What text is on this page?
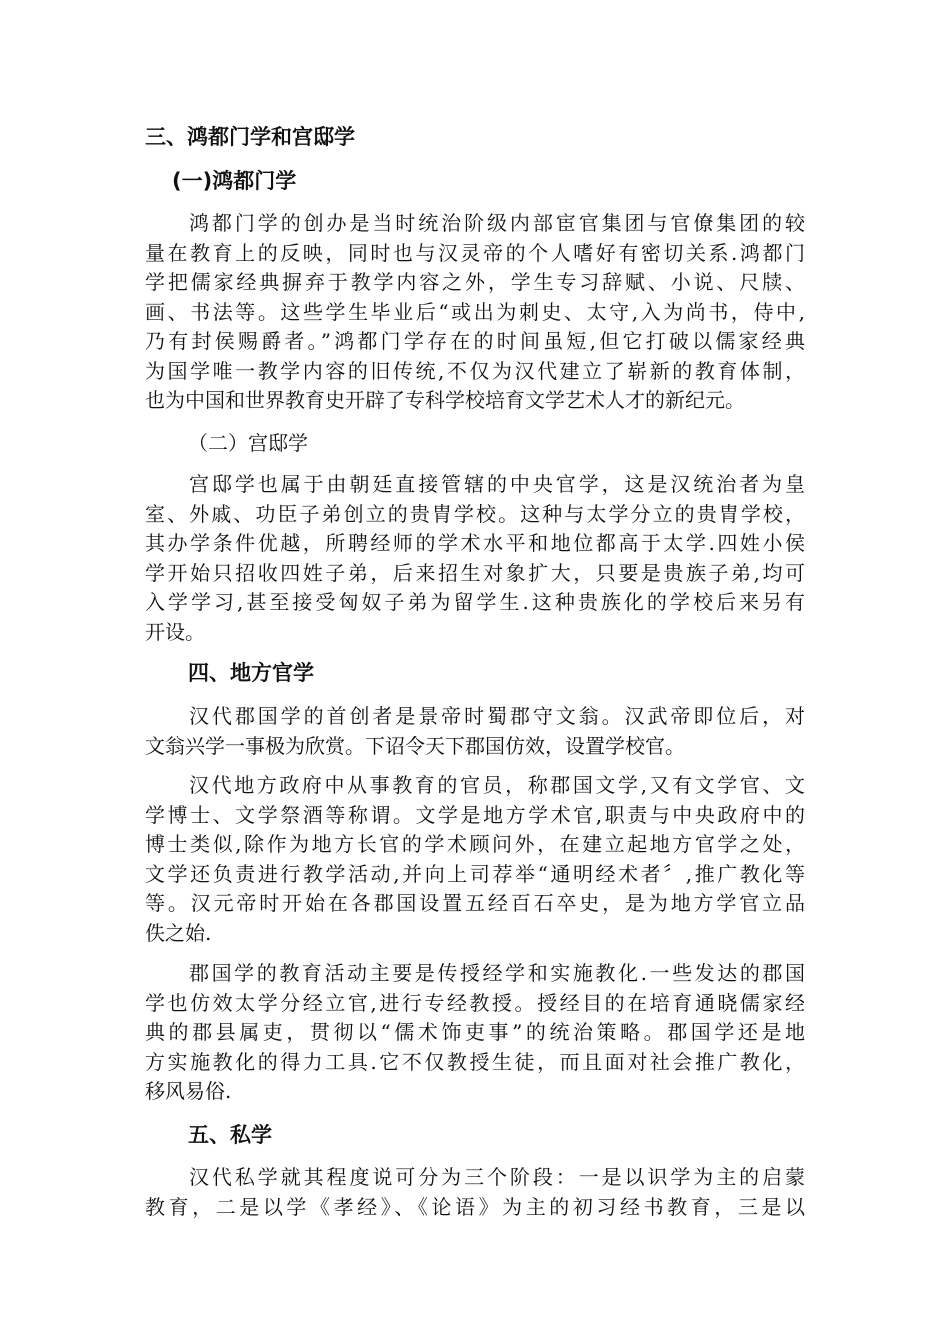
三、鸿都门学和宫邸学
(一)鸿都门学

鸿都门学的创办是当时统治阶级内部宦官集团与官僚集团的较
量在教育上的反映，同时也与汉灵帝的个人嗜好有密切关系.鸿都门
学把儒家经典摒弃于教学内容之外，学生专习辞赋、小说、尺牍、
画、书法等。这些学生毕业后“或出为刺史、太守,入为尚书，侍中,
乃有封侯赐爵者。”鸿都门学存在的时间虽短,但它打破以儒家经典
为国学唯一教学内容的旧传统,不仅为汉代建立了崭新的教育体制，
也为中国和世界教育史开辟了专科学校培育文学艺术人才的新纪元。

（二）宫邸学

宫邸学也属于由朝廷直接管辖的中央官学，这是汉统治者为皇
室、外戚、功臣子弟创立的贵胄学校。这种与太学分立的贵胄学校，
其办学条件优越，所聘经师的学术水平和地位都高于太学.四姓小侯
学开始只招收四姓子弟，后来招生对象扩大，只要是贵族子弟,均可
入学学习,甚至接受匈奴子弟为留学生.这种贵族化的学校后来另有
开设。

四、地方官学

汉代郡国学的首创者是景帝时蜀郡守文翁。汉武帝即位后，对
文翁兴学一事极为欣赏。下诏令天下郡国仿效，设置学校官。

汉代地方政府中从事教育的官员，称郡国文学,又有文学官、文
学博士、文学祭酒等称谓。文学是地方学术官,职责与中央政府中的
博士类似,除作为地方长官的学术顾问外，在建立起地方官学之处，
文学还负责进行教学活动,并向上司荐举“通明经术者〞,推广教化等
等。汉元帝时开始在各郡国设置五经百石卒史，是为地方学官立品
佚之始.

郡国学的教育活动主要是传授经学和实施教化.一些发达的郡国
学也仿效太学分经立官,进行专经教授。授经目的在培育通晓儒家经
典的郡县属吏，贯彻以“儒术饰吏事”的统治策略。郡国学还是地
方实施教化的得力工具.它不仅教授生徒，而且面对社会推广教化，
移风易俗.

五、私学

汉代私学就其程度说可分为三个阶段：一是以识学为主的启蒙
教育，二是以学《孝经》、《论语》为主的初习经书教育，三是以
